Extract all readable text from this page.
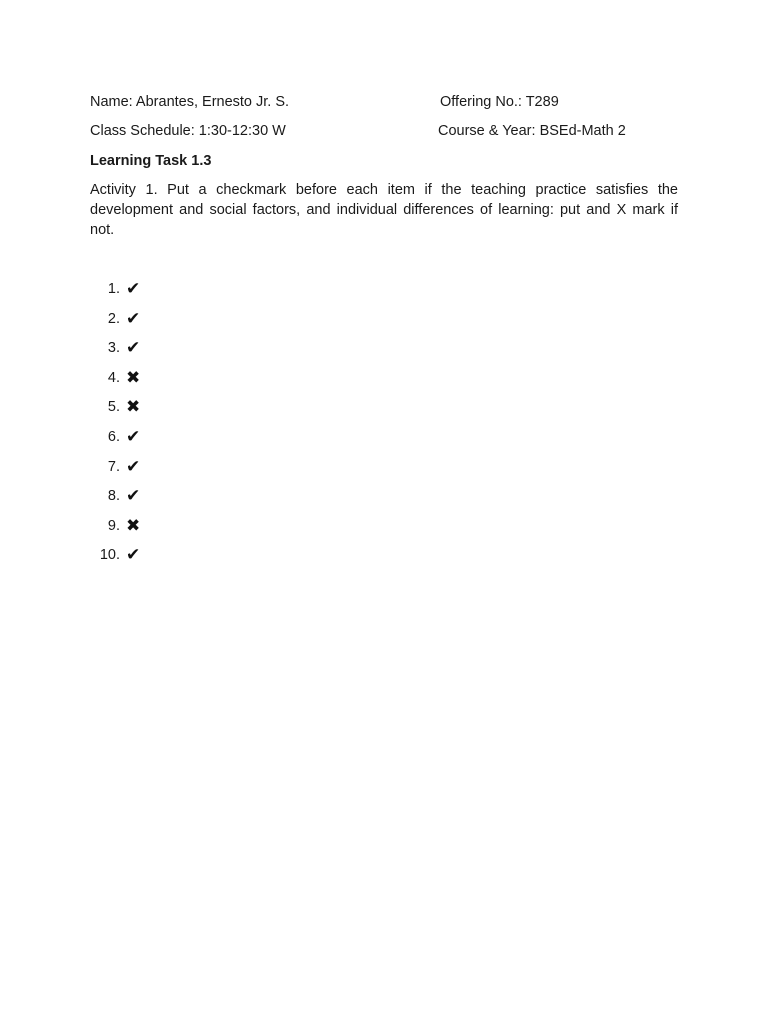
Name: Abrantes, Ernesto Jr. S.	Offering No.: T289
Class Schedule: 1:30-12:30 W	Course & Year: BSEd-Math 2
Learning Task 1.3
Activity 1. Put a checkmark before each item if the teaching practice satisfies the development and social factors, and individual differences of learning: put and X mark if not.
1. ✔
2. ✔
3. ✔
4. ✖
5. ✖
6. ✔
7. ✔
8. ✔
9. ✖
10. ✔
